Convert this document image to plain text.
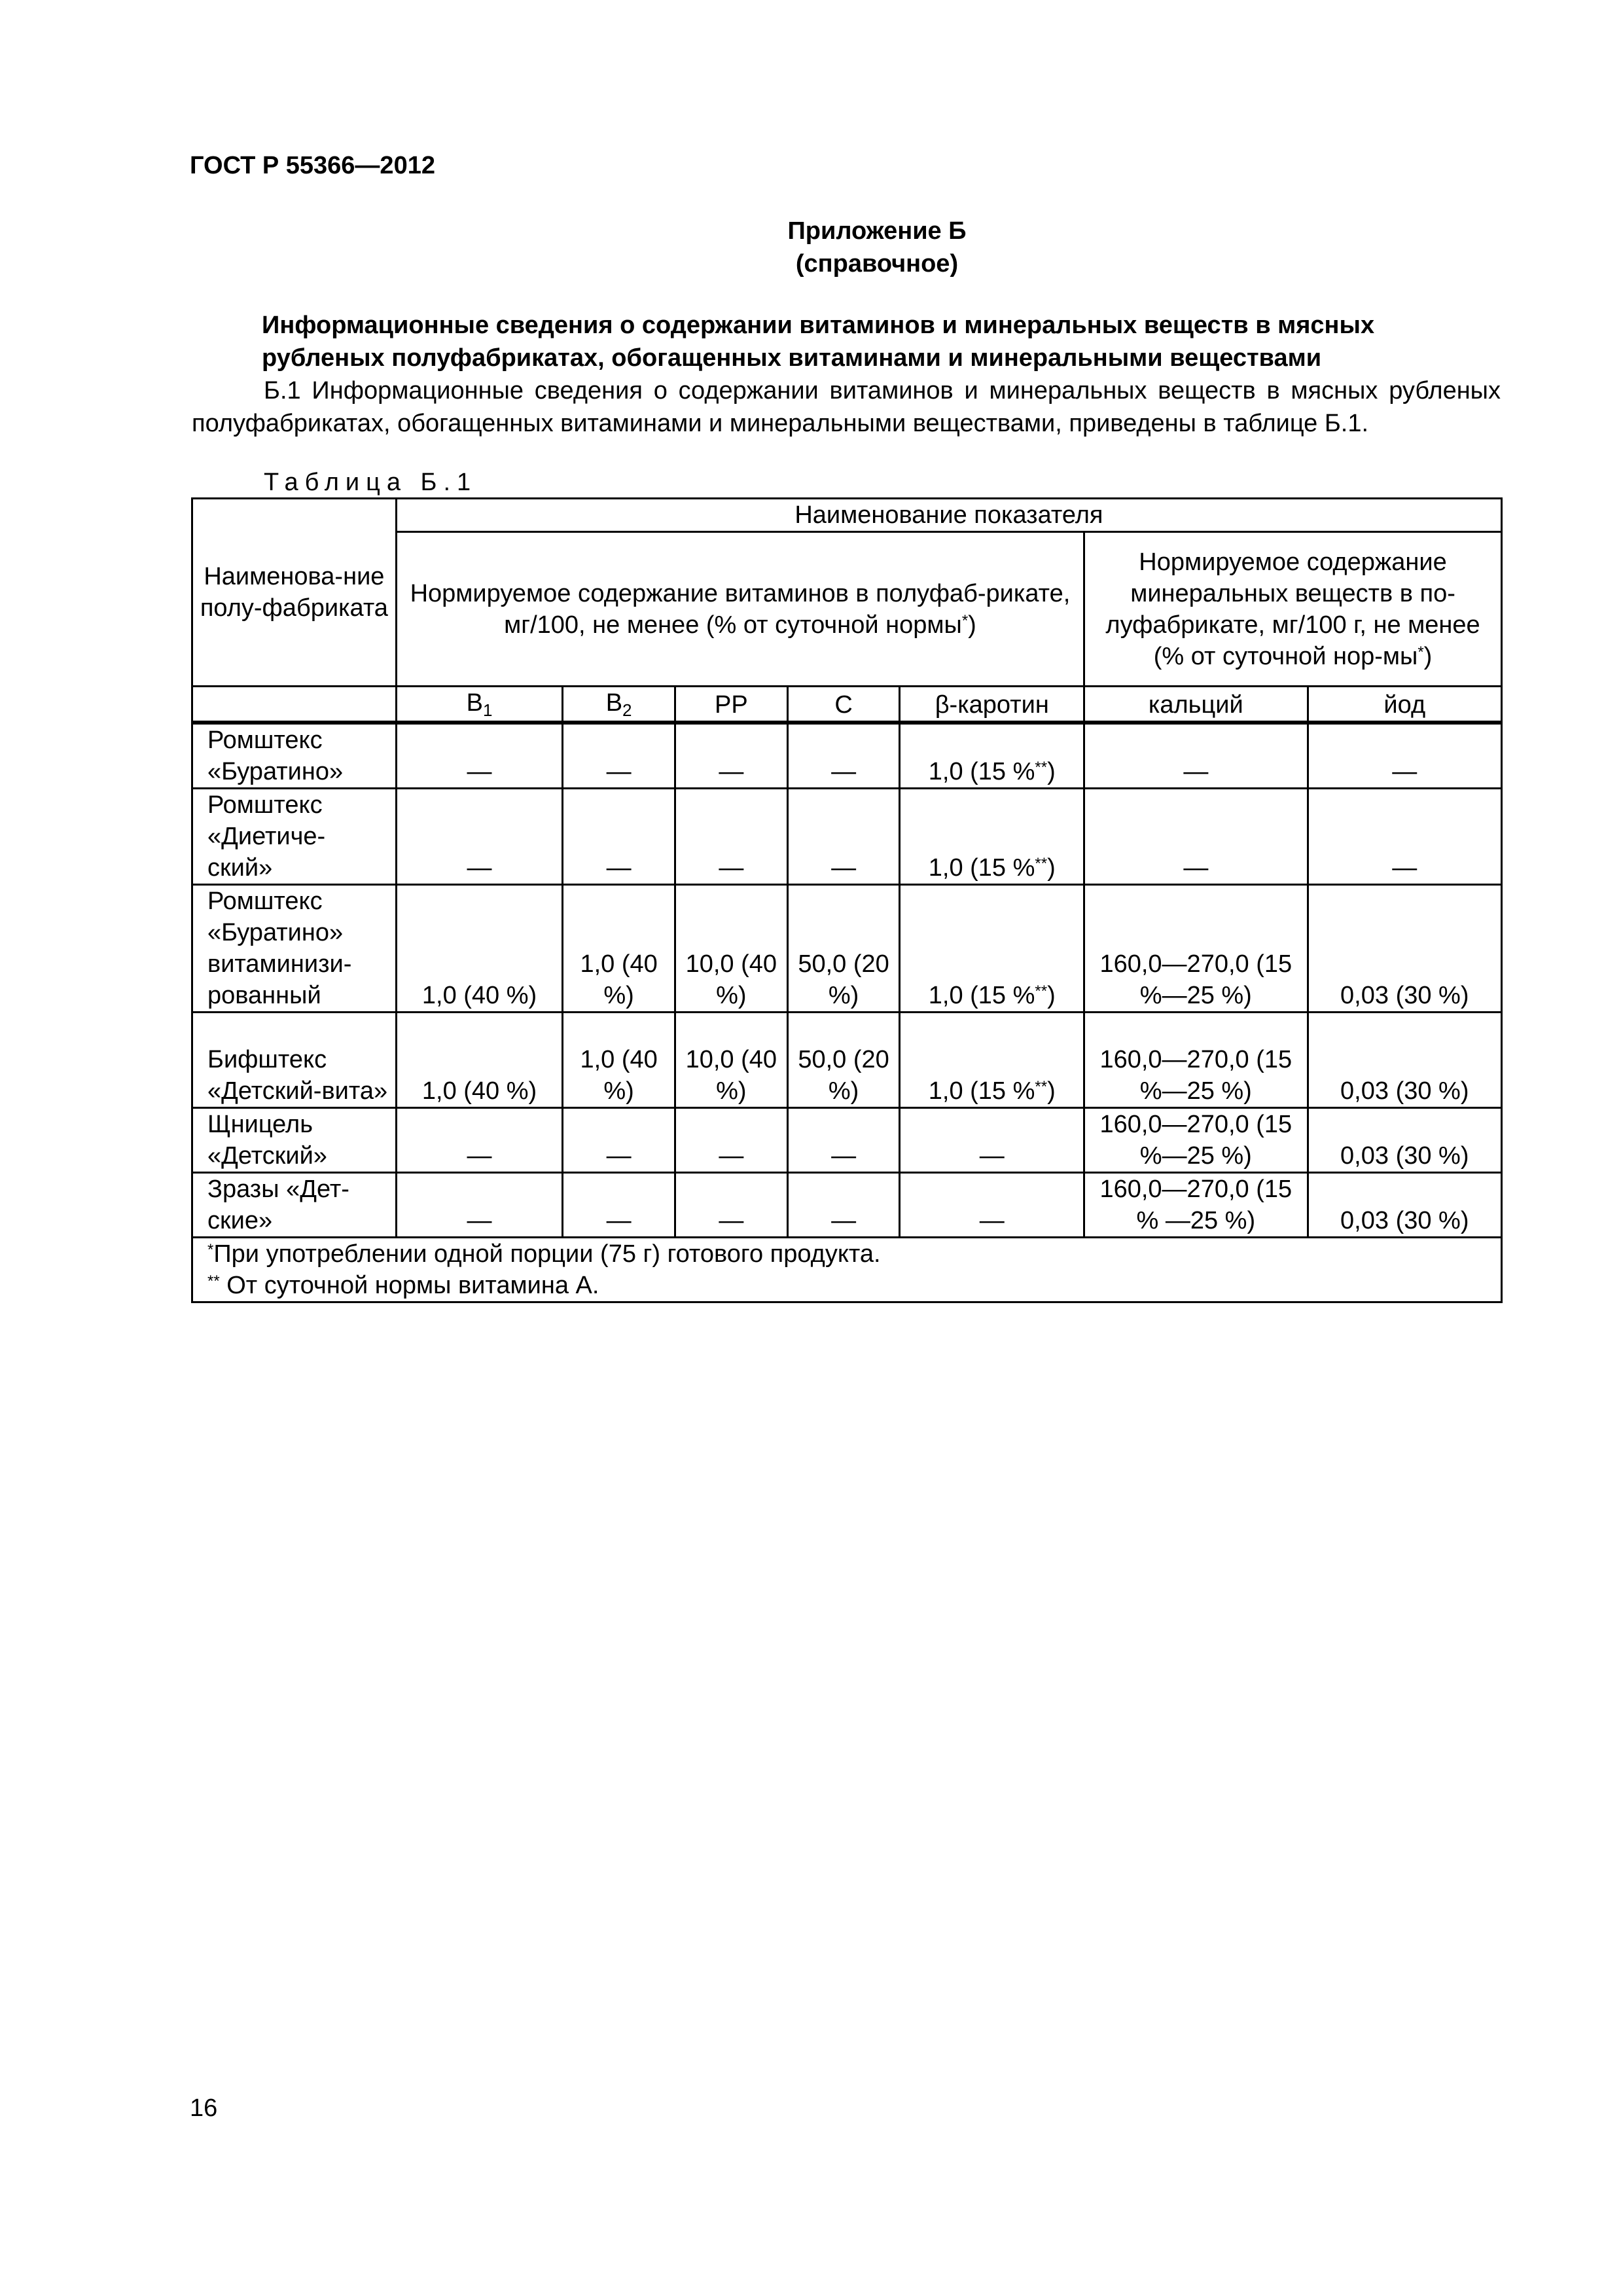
ГОСТ Р 55366—2012
Приложение Б
(справочное)
Информационные сведения о содержании витаминов и минеральных веществ в мясных
рубленых полуфабрикатах, обогащенных витаминами и минеральными веществами
Б.1 Информационные сведения о содержании витаминов и минеральных веществ в мясных рубленых полуфабрикатах, обогащенных витаминами и минеральными веществами, приведены в таблице Б.1.
Таблица Б.1
Наименова-ние полу-фабриката	Наименование показателя						
	Нормируемое содержание витаминов в полуфаб-рикате, мг/100, не менее (% от суточной нормы*)					Нормируемое содержание минеральных веществ в по-луфабрикате, мг/100 г, не менее (% от суточной нор-мы*)	
	$B_1$	$B_2$	PP	C	β-каротин	кальций	йод
Ромштекс «Буратино»	—	—	—	—	1,0 (15 %**)	—	—
Ромштекс «Диетиче-ский»	—	—	—	—	1,0 (15 %**)	—	—
Ромштекс «Буратино» витаминизи-рованный	1,0 (40 %)	1,0 (40 %)	10,0 (40 %)	50,0 (20 %)	1,0 (15 %**)	160,0—270,0 (15 %—25 %)	0,03 (30 %)
Бифштекс «Детский-вита»	1,0 (40 %)	1,0 (40 %)	10,0 (40 %)	50,0 (20 %)	1,0 (15 %**)	160,0—270,0 (15 %—25 %)	0,03 (30 %)
Щницель «Детский»	—	—	—	—	—	160,0—270,0 (15 %—25 %)	0,03 (30 %)
Зразы «Дет-ские»	—	—	—	—	—	160,0—270,0 (15 % —25 %)	0,03 (30 %)

*При употреблении одной порции (75 г) готового продукта.
** От суточной нормы витамина А.							
16
